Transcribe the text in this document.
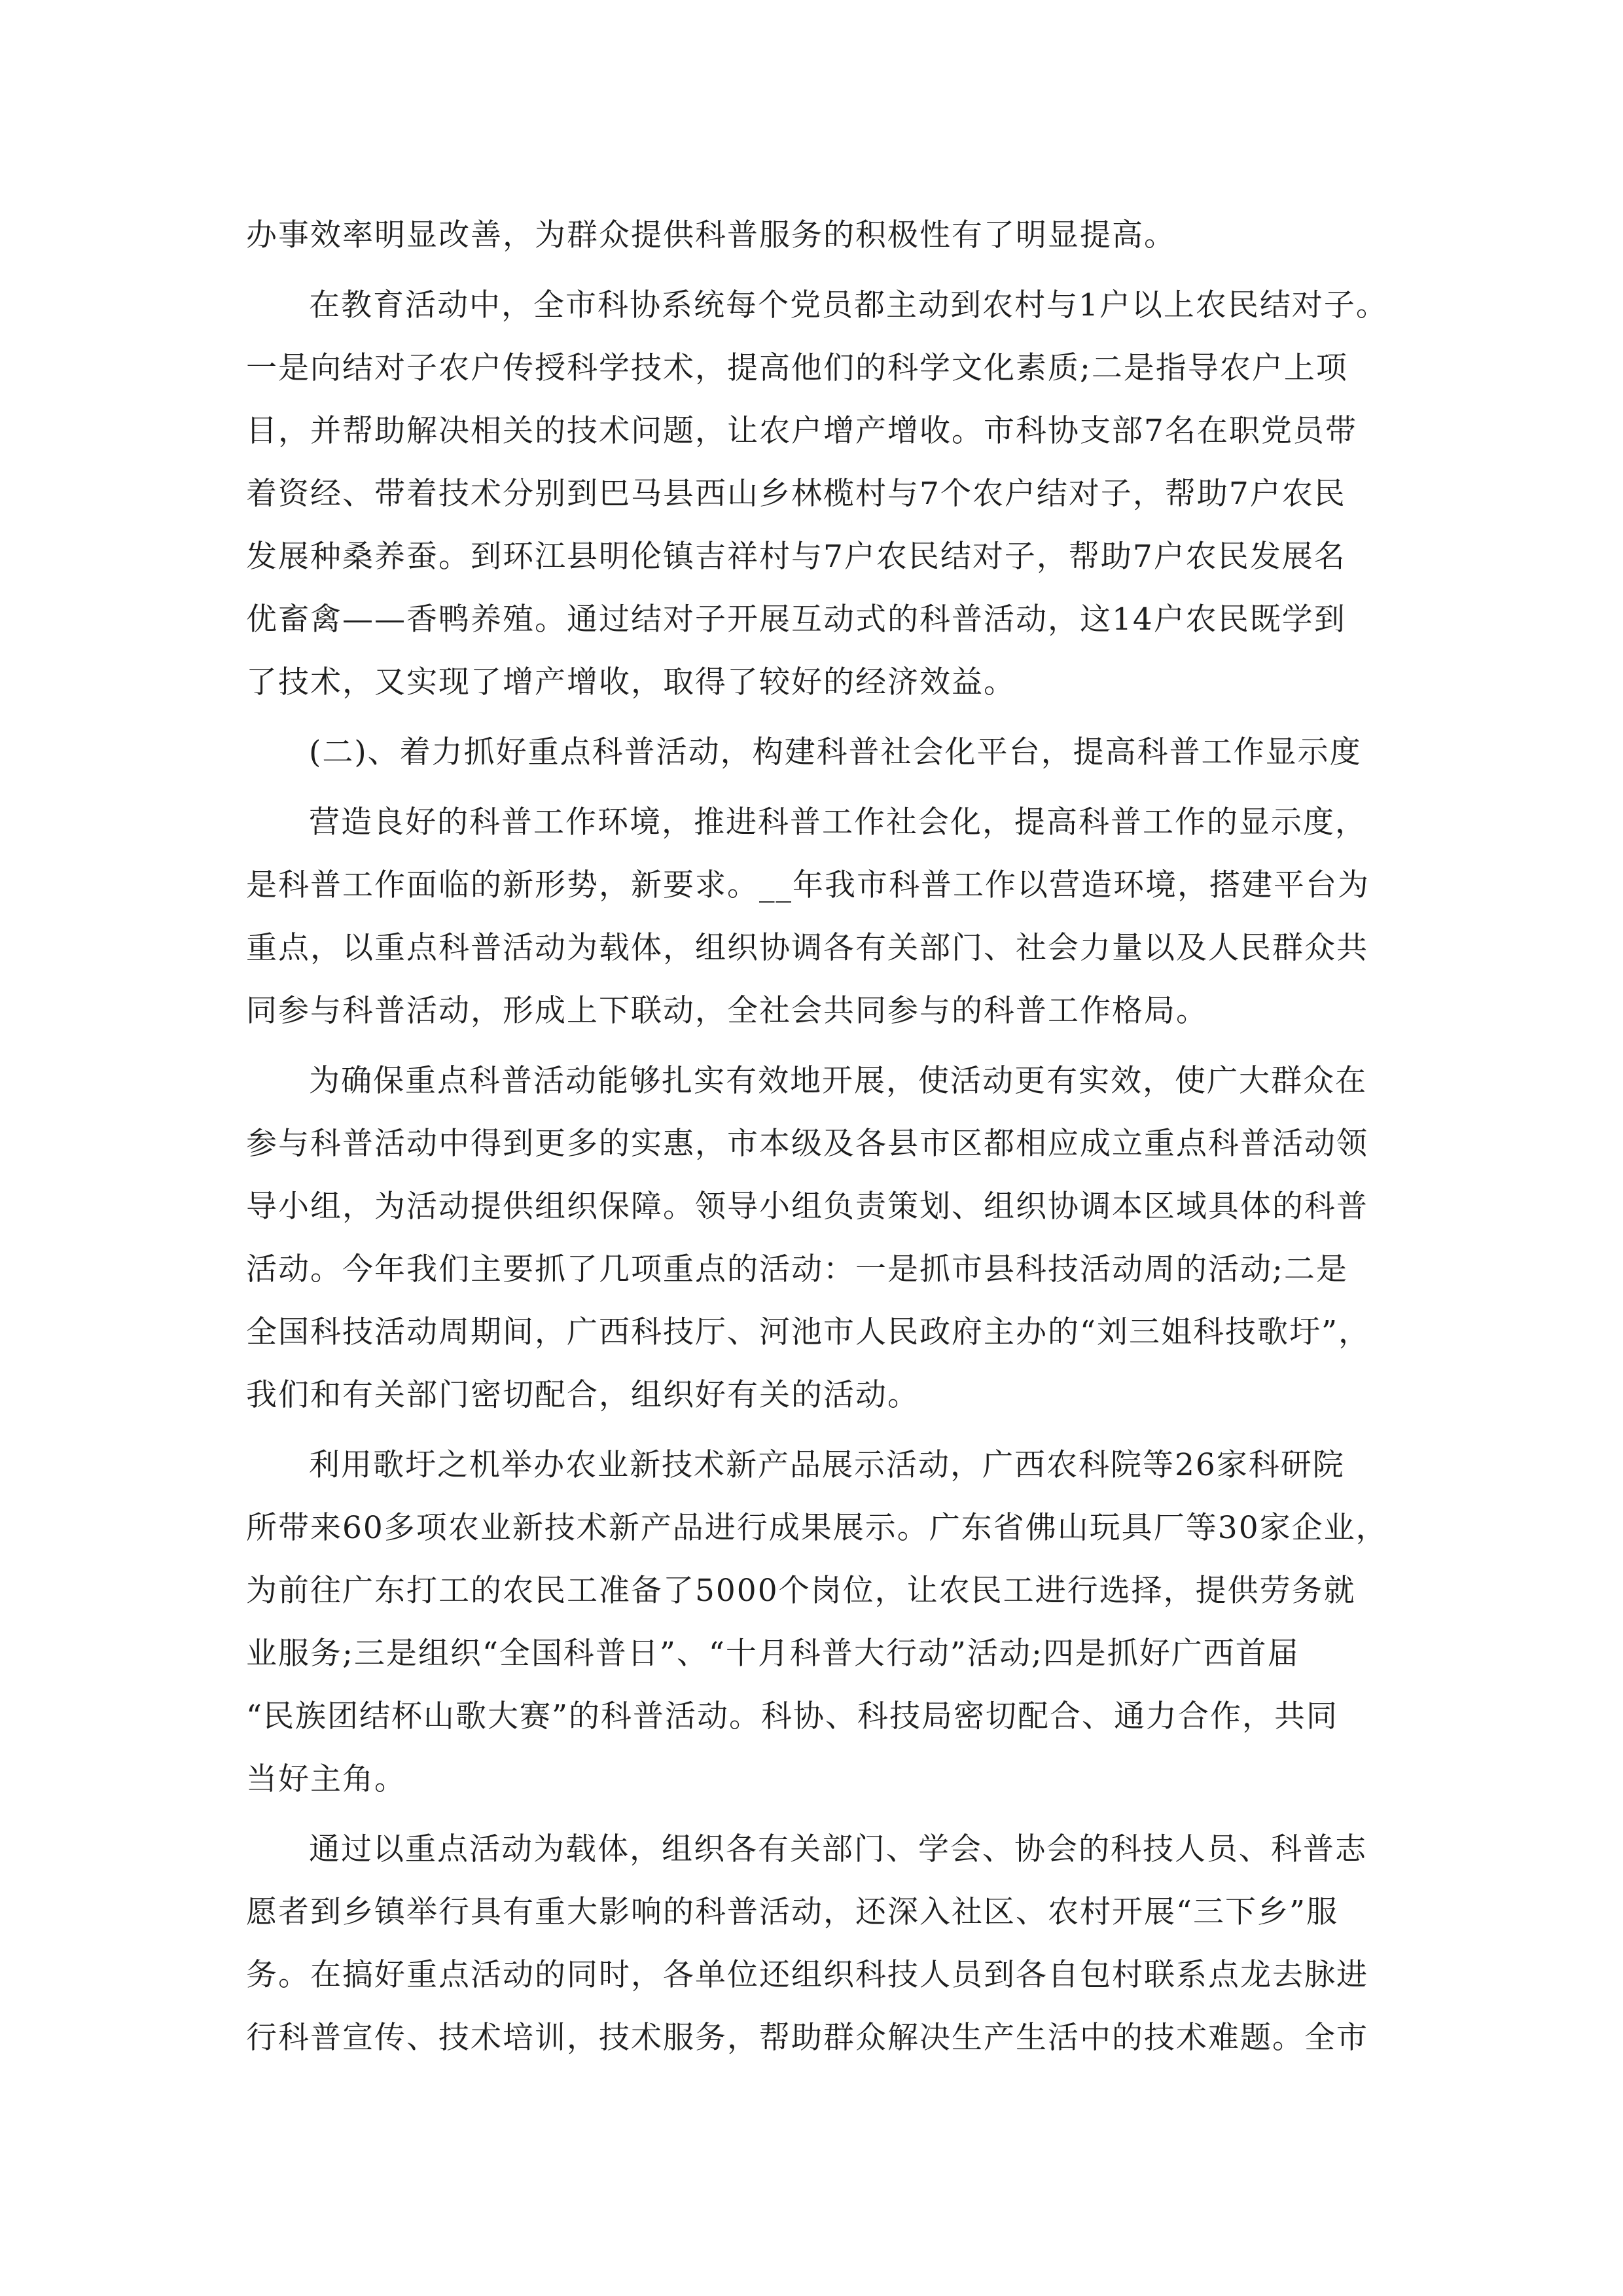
办事效率明显改善，为群众提供科普服务的积极性有了明显提高。
在教育活动中，全市科协系统每个党员都主动到农村与1户以上农民结对子。
一是向结对子农户传授科学技术，提高他们的科学文化素质;二是指导农户上项
目，并帮助解决相关的技术问题，让农户增产增收。市科协支部7名在职党员带
着资经、带着技术分别到巴马县西山乡林榄村与7个农户结对子，帮助7户农民
发展种桑养蚕。到环江县明伦镇吉祥村与7户农民结对子，帮助7户农民发展名
优畜禽——香鸭养殖。通过结对子开展互动式的科普活动，这14户农民既学到
了技术，又实现了增产增收，取得了较好的经济效益。
(二)、着力抓好重点科普活动，构建科普社会化平台，提高科普工作显示度
营造良好的科普工作环境，推进科普工作社会化，提高科普工作的显示度，
是科普工作面临的新形势，新要求。__年我市科普工作以营造环境，搭建平台为
重点，以重点科普活动为载体，组织协调各有关部门、社会力量以及人民群众共
同参与科普活动，形成上下联动，全社会共同参与的科普工作格局。
为确保重点科普活动能够扎实有效地开展，使活动更有实效，使广大群众在
参与科普活动中得到更多的实惠，市本级及各县市区都相应成立重点科普活动领
导小组，为活动提供组织保障。领导小组负责策划、组织协调本区域具体的科普
活动。今年我们主要抓了几项重点的活动：一是抓市县科技活动周的活动;二是
全国科技活动周期间，广西科技厅、河池市人民政府主办的“刘三姐科技歌圩”，
我们和有关部门密切配合，组织好有关的活动。
利用歌圩之机举办农业新技术新产品展示活动，广西农科院等26家科研院
所带来60多项农业新技术新产品进行成果展示。广东省佛山玩具厂等30家企业，
为前往广东打工的农民工准备了5000个岗位，让农民工进行选择，提供劳务就
业服务;三是组织“全国科普日”、“十月科普大行动”活动;四是抓好广西首届
“民族团结杯山歌大赛”的科普活动。科协、科技局密切配合、通力合作，共同
当好主角。
通过以重点活动为载体，组织各有关部门、学会、协会的科技人员、科普志
愿者到乡镇举行具有重大影响的科普活动，还深入社区、农村开展“三下乡”服
务。在搞好重点活动的同时，各单位还组织科技人员到各自包村联系点龙去脉进
行科普宣传、技术培训，技术服务，帮助群众解决生产生活中的技术难题。全市
